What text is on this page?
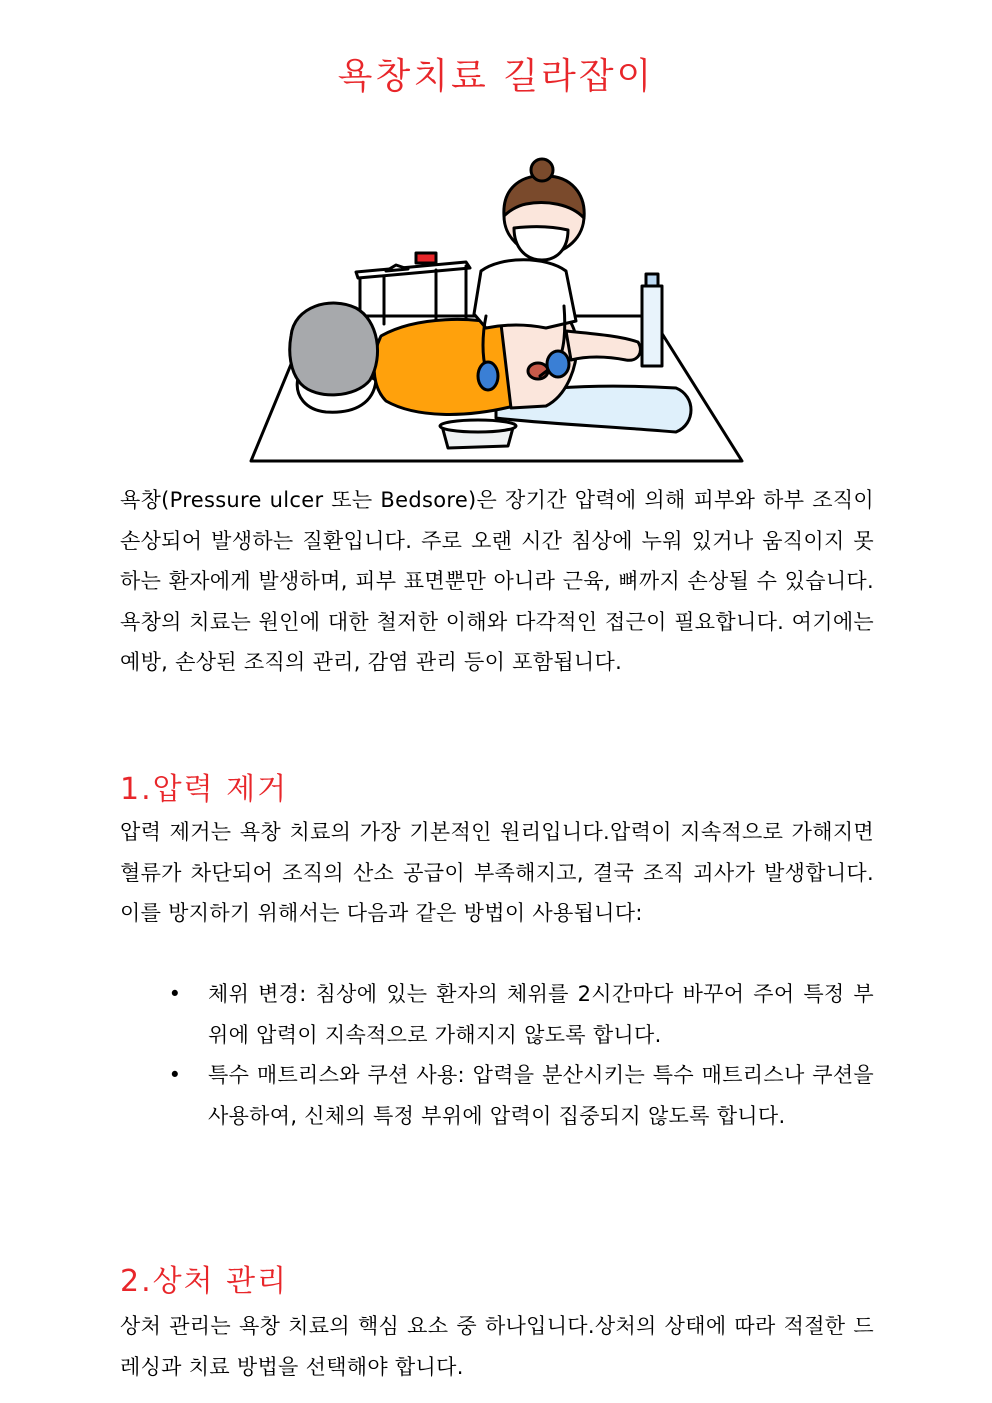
욕창치료 길라잡이

욕창(Pressure ulcer 또는 Bedsore)은 장기간 압력에 의해 피부와 하부 조직이 손상되어 발생하는 질환입니다. 주로 오랜 시간 침상에 누워 있거나 움직이지 못하는 환자에게 발생하며, 피부 표면뿐만 아니라 근육, 뼈까지 손상될 수 있습니다. 욕창의 치료는 원인에 대한 철저한 이해와 다각적인 접근이 필요합니다. 여기에는 예방, 손상된 조직의 관리, 감염 관리 등이 포함됩니다.

1.압력 제거

압력 제거는 욕창 치료의 가장 기본적인 원리입니다.압력이 지속적으로 가해지면 혈류가 차단되어 조직의 산소 공급이 부족해지고, 결국 조직 괴사가 발생합니다. 이를 방지하기 위해서는 다음과 같은 방법이 사용됩니다:

• 체위 변경: 침상에 있는 환자의 체위를 2시간마다 바꾸어 주어 특정 부위에 압력이 지속적으로 가해지지 않도록 합니다.
• 특수 매트리스와 쿠션 사용: 압력을 분산시키는 특수 매트리스나 쿠션을 사용하여, 신체의 특정 부위에 압력이 집중되지 않도록 합니다.
2.상처 관리

상처 관리는 욕창 치료의 핵심 요소 중 하나입니다.상처의 상태에 따라 적절한 드레싱과 치료 방법을 선택해야 합니다.
